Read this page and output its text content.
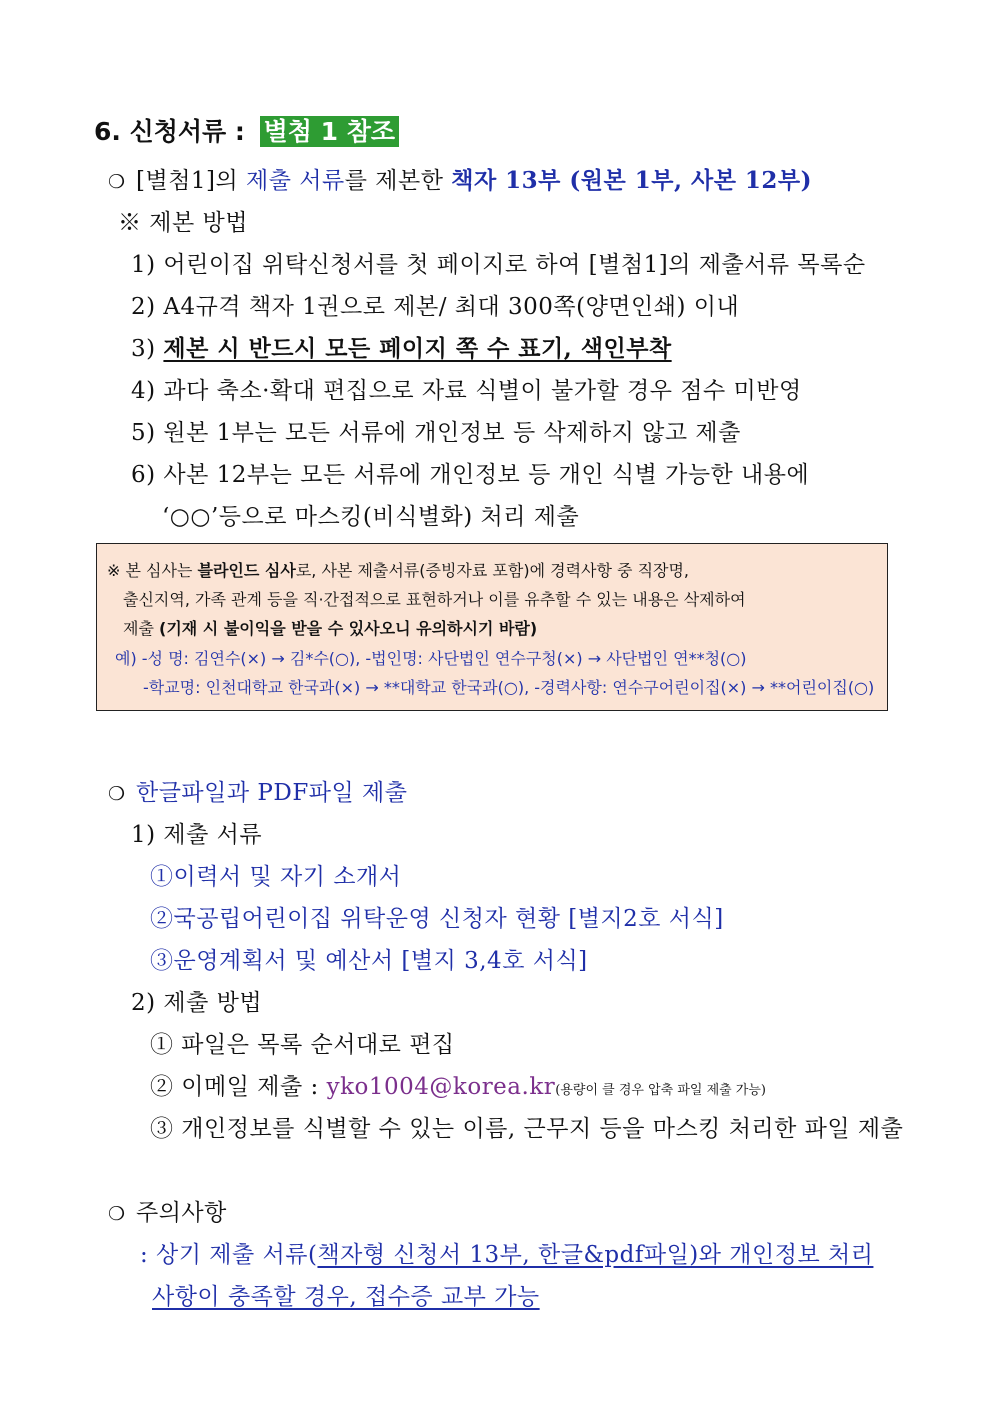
6. 신청서류 : 별첨 1 참조
❍ [별첨1]의 제출 서류를 제본한 책자 13부 (원본 1부, 사본 12부)
※ 제본 방법
1) 어린이집 위탁신청서를 첫 페이지로 하여 [별첨1]의 제출서류 목록순
2) A4규격 책자 1권으로 제본/ 최대 300쪽(양면인쇄) 이내
3) 제본 시 반드시 모든 페이지 쪽 수 표기, 색인부착
4) 과다 축소·확대 편집으로 자료 식별이 불가할 경우 점수 미반영
5) 원본 1부는 모든 서류에 개인정보 등 삭제하지 않고 제출
6) 사본 12부는 모든 서류에 개인정보 등 개인 식별 가능한 내용에
‘○○’등으로 마스킹(비식별화) 처리 제출
※ 본 심사는 블라인드 심사로, 사본 제출서류(증빙자료 포함)에 경력사항 중 직장명,
출신지역, 가족 관계 등을 직·간접적으로 표현하거나 이를 유추할 수 있는 내용은 삭제하여
제출 (기재 시 불이익을 받을 수 있사오니 유의하시기 바람)
예) -성 명: 김연수(×) → 김*수(○), -법인명: 사단법인 연수구청(×) → 사단법인 연**청(○)
-학교명: 인천대학교 한국과(×) → **대학교 한국과(○), -경력사항: 연수구어린이집(×) → **어린이집(○)
❍ 한글파일과 PDF파일 제출
1) 제출 서류
①이력서 및 자기 소개서
②국공립어린이집 위탁운영 신청자 현황 [별지2호 서식]
③운영계획서 및 예산서 [별지 3,4호 서식]
2) 제출 방법
① 파일은 목록 순서대로 편집
② 이메일 제출 : yko1004@korea.kr(용량이 클 경우 압축 파일 제출 가능)
③ 개인정보를 식별할 수 있는 이름, 근무지 등을 마스킹 처리한 파일 제출
❍ 주의사항
: 상기 제출 서류(책자형 신청서 13부, 한글&pdf파일)와 개인정보 처리
사항이 충족할 경우, 접수증 교부 가능
